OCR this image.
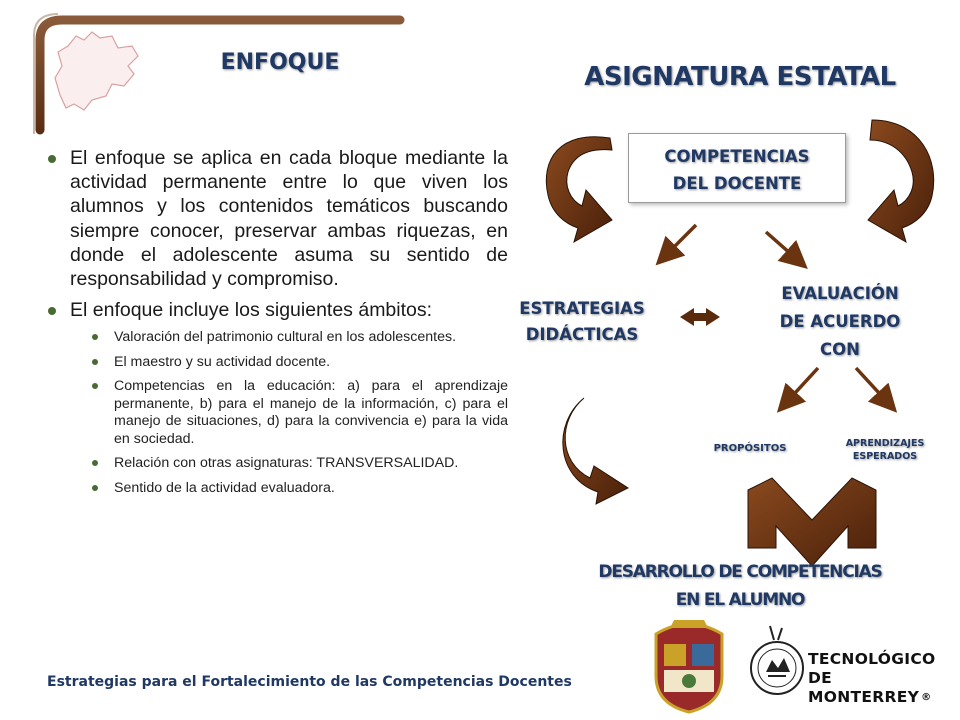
ENFOQUE
El enfoque se aplica en cada bloque mediante la actividad permanente entre lo que viven los alumnos y los contenidos temáticos buscando siempre conocer, preservar ambas riquezas, en donde el adolescente asuma su sentido de responsabilidad y compromiso.
El enfoque incluye los siguientes ámbitos:
Valoración del patrimonio cultural en los adolescentes.
El maestro y su actividad docente.
Competencias en la educación: a) para el aprendizaje permanente, b) para el manejo de la información, c) para el manejo de situaciones, d) para la convivencia e) para la vida en sociedad.
Relación con otras asignaturas: TRANSVERSALIDAD.
Sentido de la actividad evaluadora.
ASIGNATURA ESTATAL
COMPETENCIAS
DEL DOCENTE
ESTRATEGIAS
DIDÁCTICAS
EVALUACIÓN
DE ACUERDO
CON
PROPÓSITOS	APRENDIZAJES
ESPERADOS
DESARROLLO DE COMPETENCIAS
EN EL ALUMNO
Estrategias para el Fortalecimiento de las Competencias Docentes
TECNOLÓGICO
DE MONTERREY ®
